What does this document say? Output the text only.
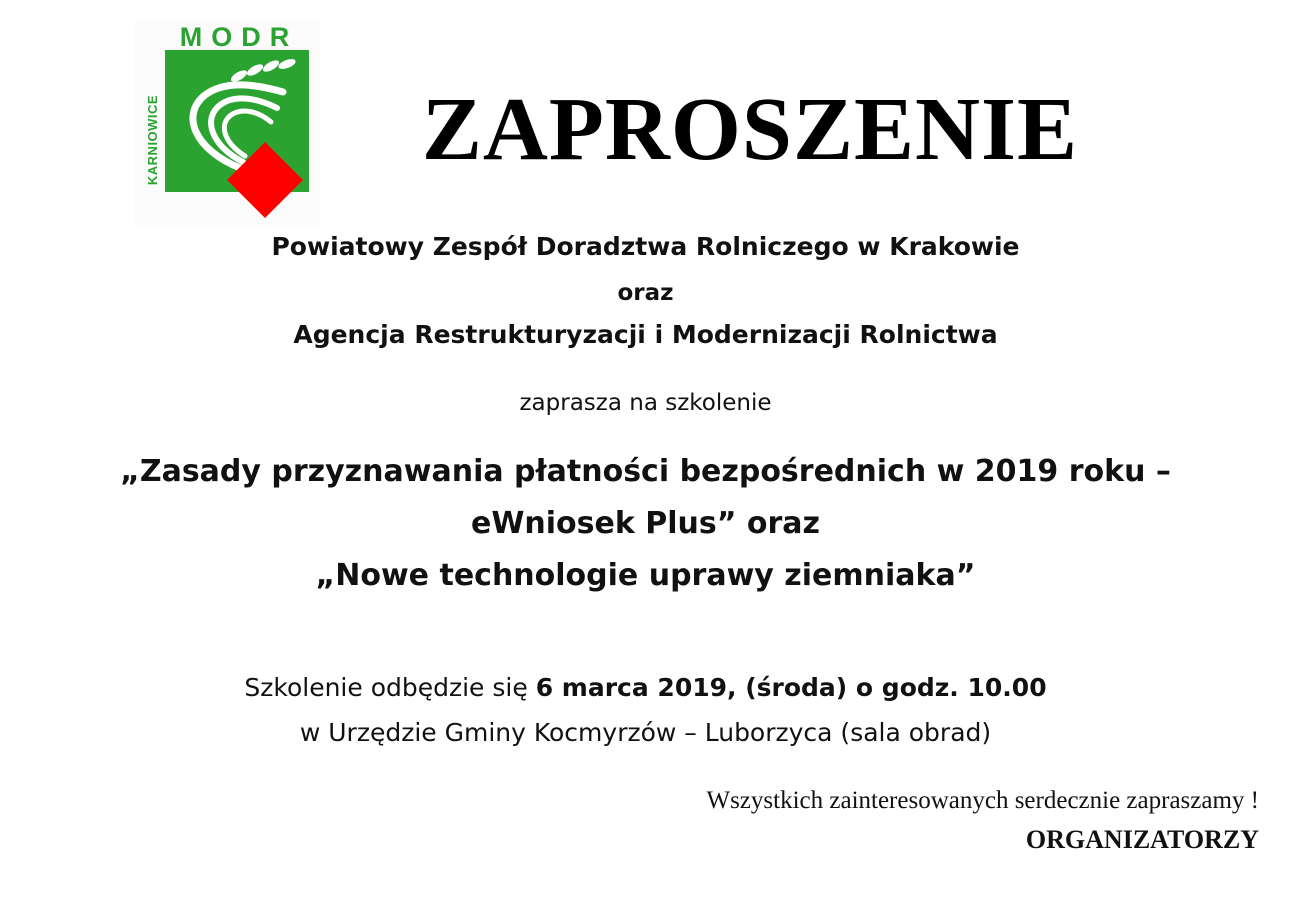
MODR
KARNIOWICE	ZAPROSZENIE
Powiatowy Zespół Doradztwa Rolniczego w Krakowie
oraz
Agencja Restrukturyzacji i Modernizacji Rolnictwa
zaprasza na szkolenie
„Zasady przyznawania płatności bezpośrednich w 2019 roku –
eWniosek Plus” oraz
„Nowe technologie uprawy ziemniaka”
Szkolenie odbędzie się 6 marca 2019, (środa) o godz. 10.00
w Urzędzie Gminy Kocmyrzów – Luborzyca (sala obrad)
Wszystkich zainteresowanych serdecznie zapraszamy !
ORGANIZATORZY
